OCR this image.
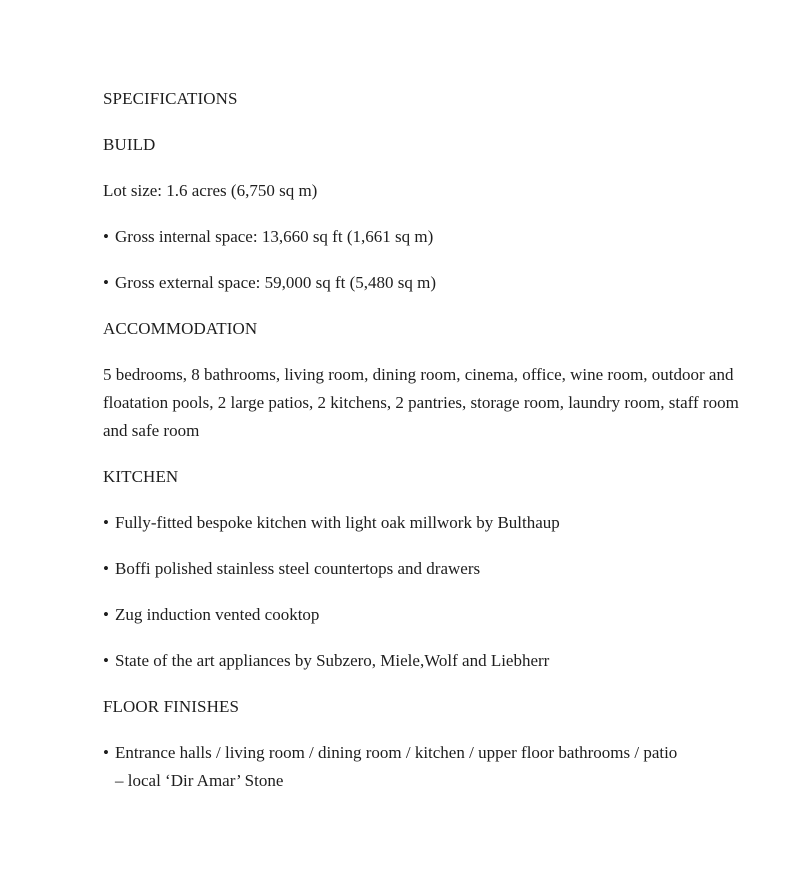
SPECIFICATIONS

BUILD

Lot size: 1.6 acres (6,750 sq m)

• Gross internal space: 13,660 sq ft (1,661 sq m)

• Gross external space: 59,000 sq ft (5,480 sq m)

ACCOMMODATION

5 bedrooms, 8 bathrooms, living room, dining room, cinema, office, wine room, outdoor and floatation pools, 2 large patios, 2 kitchens, 2 pantries, storage room, laundry room, staff room and safe room

KITCHEN

• Fully-fitted bespoke kitchen with light oak millwork by Bulthaup

• Boffi polished stainless steel countertops and drawers

• Zug induction vented cooktop

• State of the art appliances by Subzero, Miele,Wolf and Liebherr

FLOOR FINISHES

• Entrance halls / living room / dining room / kitchen / upper floor bathrooms / patio – local ‘Dir Amar’ Stone
